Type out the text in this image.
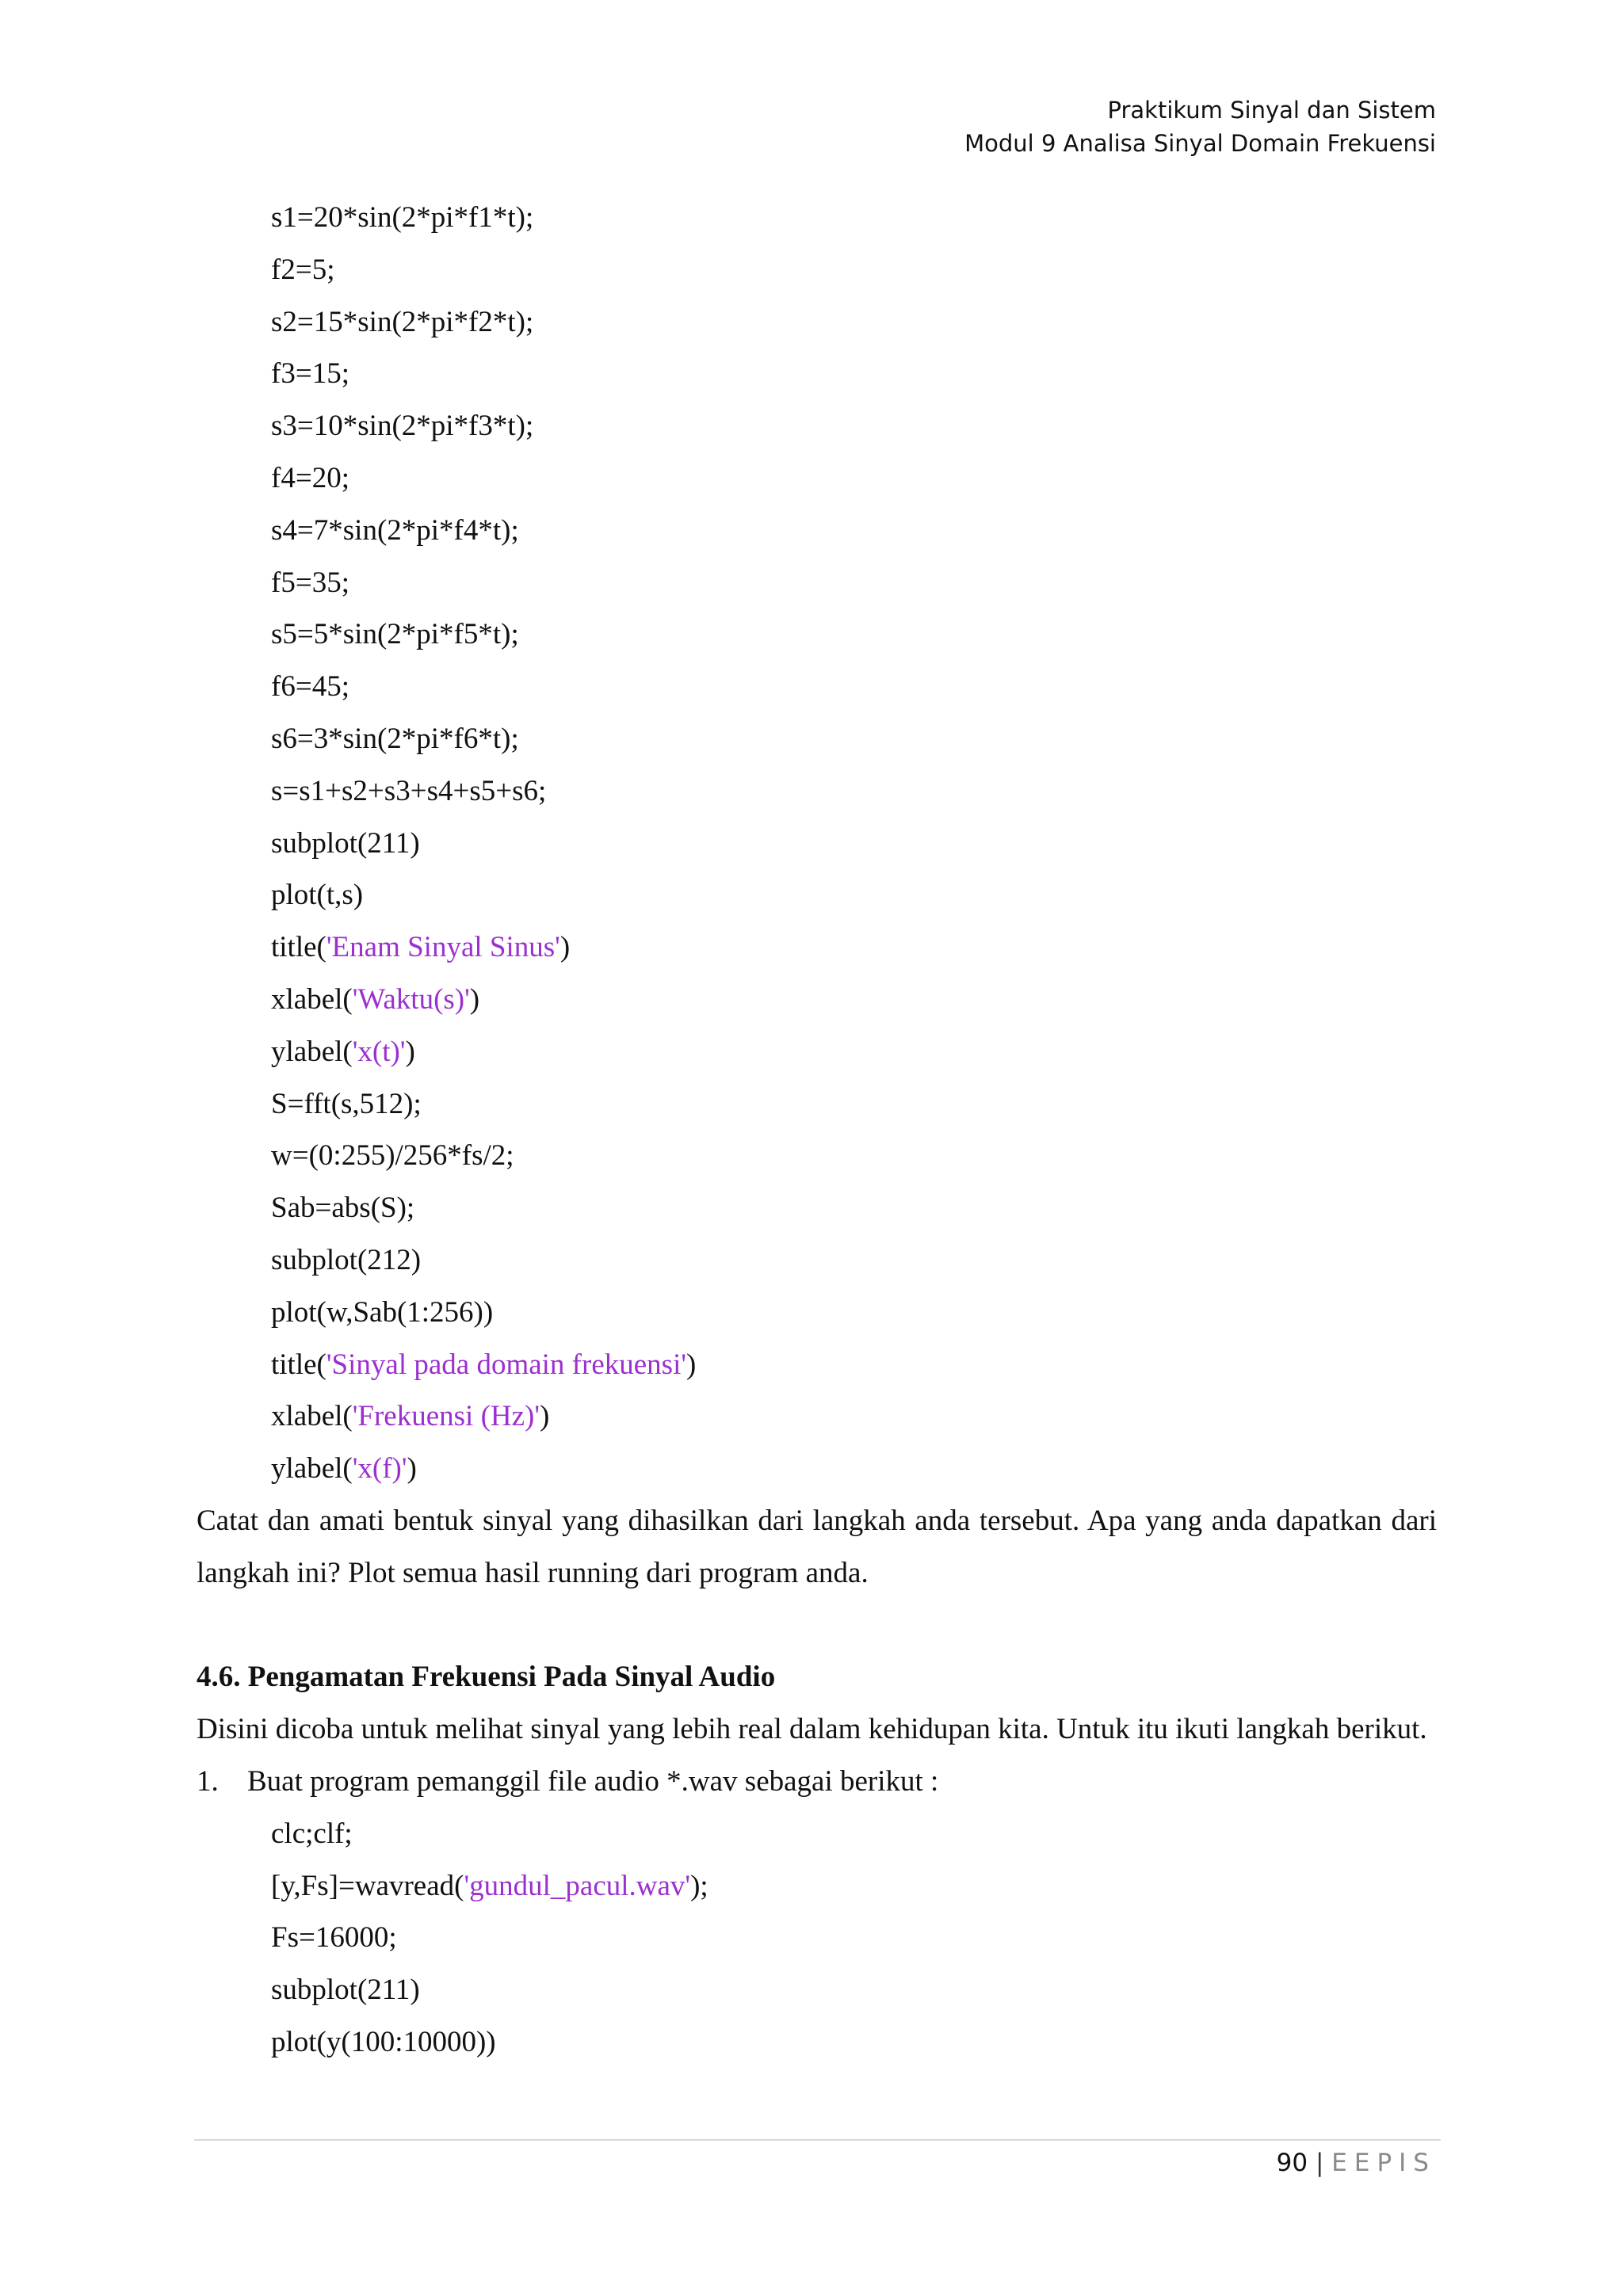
Praktikum Sinyal dan Sistem
Modul 9 Analisa Sinyal Domain Frekuensi
s1=20*sin(2*pi*f1*t);
f2=5;
s2=15*sin(2*pi*f2*t);
f3=15;
s3=10*sin(2*pi*f3*t);
f4=20;
s4=7*sin(2*pi*f4*t);
f5=35;
s5=5*sin(2*pi*f5*t);
f6=45;
s6=3*sin(2*pi*f6*t);
s=s1+s2+s3+s4+s5+s6;
subplot(211)
plot(t,s)
title('Enam Sinyal Sinus')
xlabel('Waktu(s)')
ylabel('x(t)')
S=fft(s,512);
w=(0:255)/256*fs/2;
Sab=abs(S);
subplot(212)
plot(w,Sab(1:256))
title('Sinyal pada domain frekuensi')
xlabel('Frekuensi (Hz)')
ylabel('x(f)')
Catat dan amati bentuk sinyal yang dihasilkan dari langkah anda tersebut. Apa yang anda dapatkan dari langkah ini? Plot semua hasil running dari program anda.
4.6. Pengamatan Frekuensi Pada Sinyal Audio
Disini dicoba untuk melihat sinyal yang lebih real dalam kehidupan kita. Untuk itu ikuti langkah berikut.
1. Buat program pemanggil file audio *.wav sebagai berikut :
clc;clf;
[y,Fs]=wavread('gundul_pacul.wav');
Fs=16000;
subplot(211)
plot(y(100:10000))
90 | EEPIS
